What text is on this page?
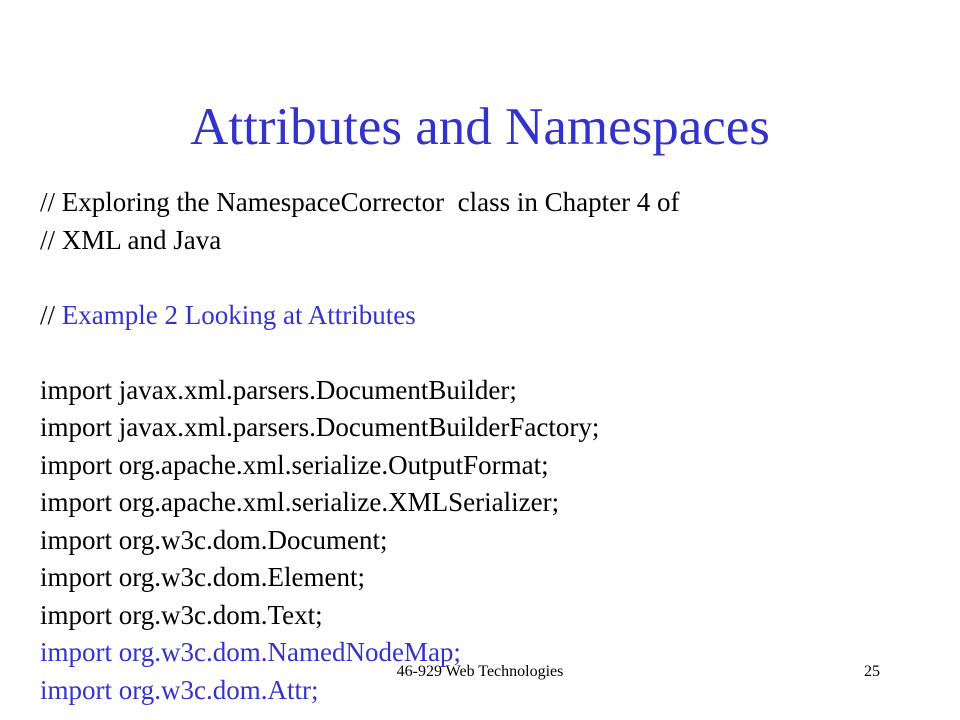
Attributes and Namespaces
// Exploring the NamespaceCorrector  class in Chapter 4 of
// XML and Java
// Example 2 Looking at Attributes
import javax.xml.parsers.DocumentBuilder;
import javax.xml.parsers.DocumentBuilderFactory;
import org.apache.xml.serialize.OutputFormat;
import org.apache.xml.serialize.XMLSerializer;
import org.w3c.dom.Document;
import org.w3c.dom.Element;
import org.w3c.dom.Text;
import org.w3c.dom.NamedNodeMap;
import org.w3c.dom.Attr;
46-929 Web Technologies	25
